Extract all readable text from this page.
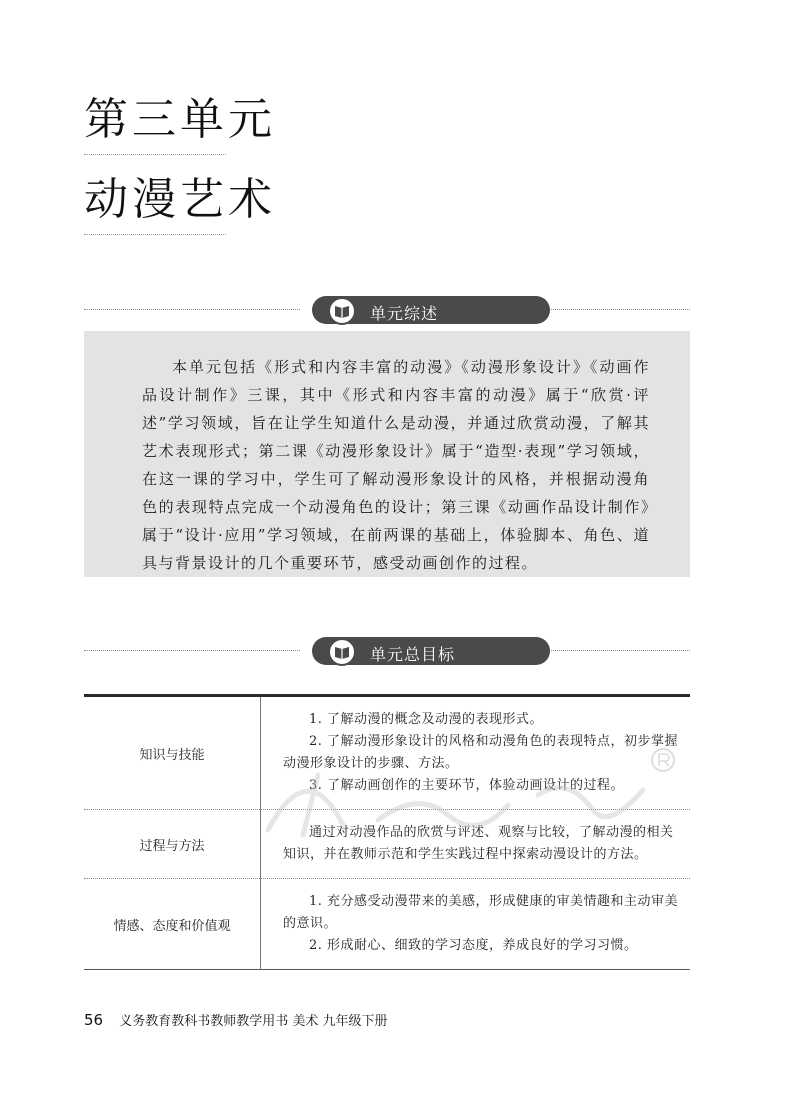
第三单元
动漫艺术
单元综述

本单元包括《形式和内容丰富的动漫》《动漫形象设计》《动画作品设计制作》三课，其中《形式和内容丰富的动漫》属于“欣赏·评述”学习领域，旨在让学生知道什么是动漫，并通过欣赏动漫，了解其艺术表现形式；第二课《动漫形象设计》属于“造型·表现”学习领域，在这一课的学习中，学生可了解动漫形象设计的风格，并根据动漫角色的表现特点完成一个动漫角色的设计；第三课《动画作品设计制作》属于“设计·应用”学习领域，在前两课的基础上，体验脚本、角色、道具与背景设计的几个重要环节，感受动画创作的过程。

单元总目标
知识与技能	1. 了解动漫的概念及动漫的表现形式。

2. 了解动漫形象设计的风格和动漫角色的表现特点，初步掌握动漫形象设计的步骤、方法。

3. 了解动画创作的主要环节，体验动画设计的过程。

过程与方法	通过对动漫作品的欣赏与评述、观察与比较，了解动漫的相关知识，并在教师示范和学生实践过程中探索动漫设计的方法。

情感、态度和价值观	1. 充分感受动漫带来的美感，形成健康的审美情趣和主动审美的意识。

2. 形成耐心、细致的学习态度，养成良好的学习习惯。

56 义务教育教科书教师教学用书 美术 九年级下册
